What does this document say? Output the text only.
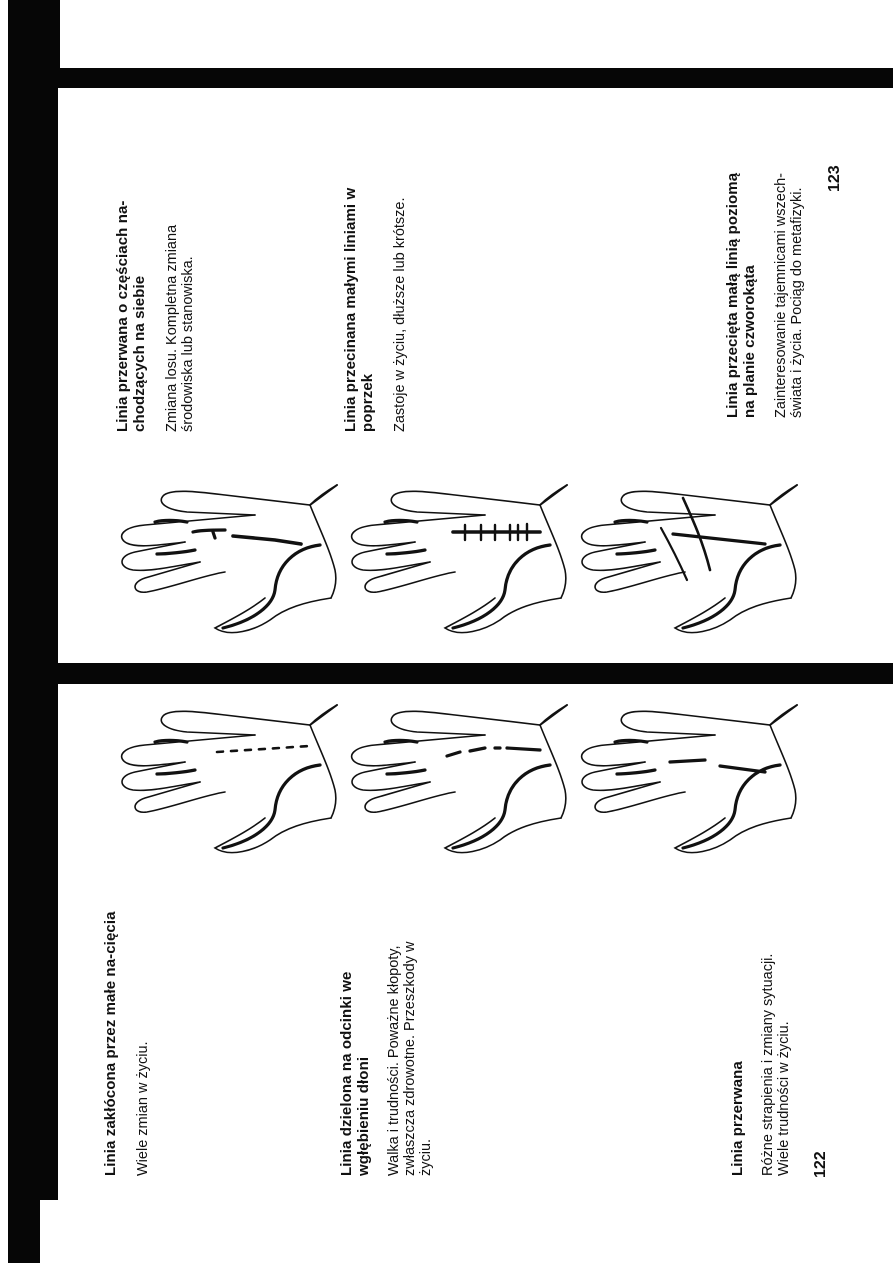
Linia przerwana o częściach na-chodzących na siebie Zmiana losu. Kompletna zmiana środowiska lub stanowiska.	Linia przecinana małymi liniami w poprzek Zastoje w życiu, dłuższe lub krótsze.	Linia przecięta małą linią poziomą na planie czworokąta Zainteresowanie tajemnicami wszech-świata i życia. Pociąg do metafizyki.
123
Linia zakłócona przez małe na-cięcia Wiele zmian w życiu.	Linia dzielona na odcinki we wgłębieniu dłoni Walka i trudności. Poważne kłopoty, zwłaszcza zdrowotne. Przeszkody w życiu.	Linia przerwana Różne strapienia i zmiany sytuacji. Wiele trudności w życiu. 122
